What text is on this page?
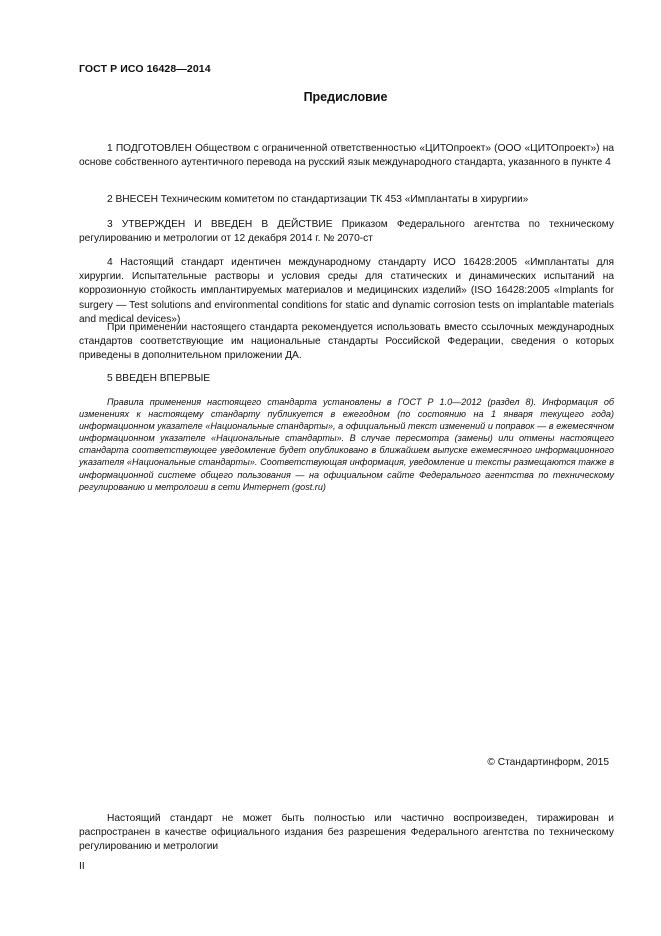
ГОСТ Р ИСО 16428—2014
Предисловие

1 ПОДГОТОВЛЕН Обществом с ограниченной ответственностью «ЦИТОпроект» (ООО «ЦИТОпроект») на основе собственного аутентичного перевода на русский язык международного стандарта, указанного в пункте 4

2 ВНЕСЕН Техническим комитетом по стандартизации ТК 453 «Имплантаты в хирургии»

3 УТВЕРЖДЕН И ВВЕДЕН В ДЕЙСТВИЕ Приказом Федерального агентства по техническому регулированию и метрологии от 12 декабря 2014 г. № 2070-ст

4 Настоящий стандарт идентичен международному стандарту ИСО 16428:2005 «Имплантаты для хирургии. Испытательные растворы и условия среды для статических и динамических испытаний на коррозионную стойкость имплантируемых материалов и медицинских изделий» (ISO 16428:2005 «Implants for surgery — Test solutions and environmental conditions for static and dynamic corrosion tests on implantable materials and medical devices»)

При применении настоящего стандарта рекомендуется использовать вместо ссылочных международных стандартов соответствующие им национальные стандарты Российской Федерации, сведения о которых приведены в дополнительном приложении ДА.

5 ВВЕДЕН ВПЕРВЫЕ

Правила применения настоящего стандарта установлены в ГОСТ Р 1.0—2012 (раздел 8). Информация об изменениях к настоящему стандарту публикуется в ежегодном (по состоянию на 1 января текущего года) информационном указателе «Национальные стандарты», а официальный текст изменений и поправок — в ежемесячном информационном указателе «Национальные стандарты». В случае пересмотра (замены) или отмены настоящего стандарта соответствующее уведомление будет опубликовано в ближайшем выпуске ежемесячного информационного указателя «Национальные стандарты». Соответствующая информация, уведомление и тексты размещаются также в информационной системе общего пользования — на официальном сайте Федерального агентства по техническому регулированию и метрологии в сети Интернет (gost.ru)

© Стандартинформ, 2015

Настоящий стандарт не может быть полностью или частично воспроизведен, тиражирован и распространен в качестве официального издания без разрешения Федерального агентства по техническому регулированию и метрологии

II
